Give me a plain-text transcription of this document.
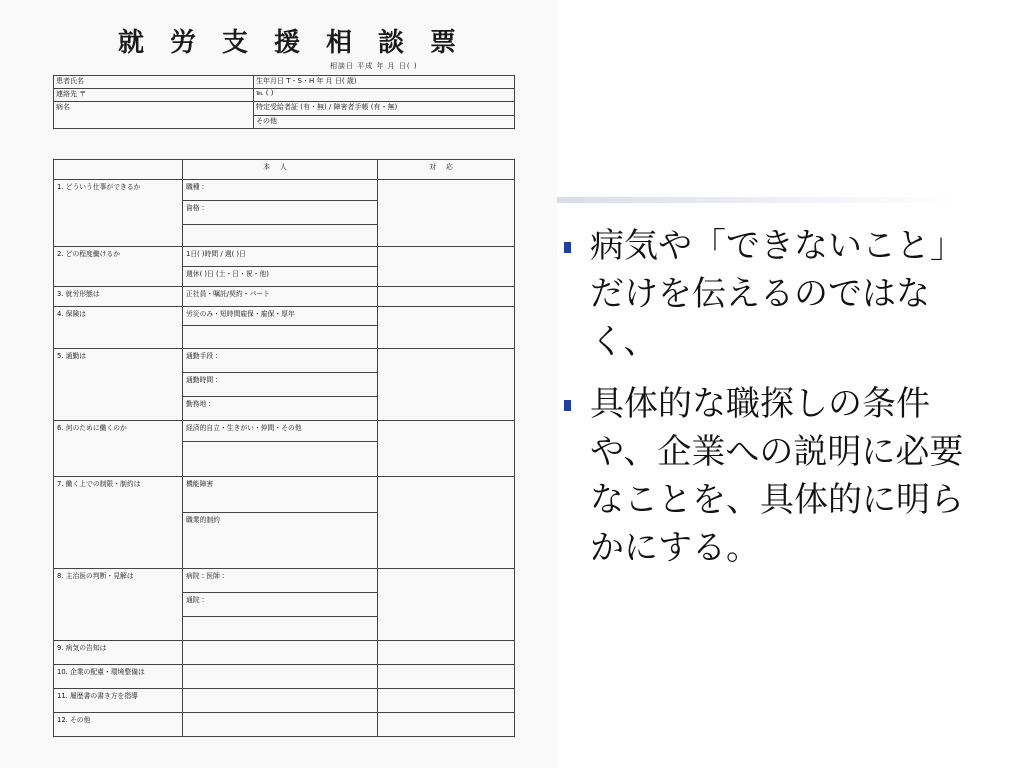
就労支援相談票
相談日 平成 年 月 日( )
患者氏名	生年月日 T・S・H 年 月 日( 歳)
連絡先 〒	℡ ( )
病名	特定受給者証 (有・無) / 障害者手帳 (有・無)
	その他
	本人	対応
1. どういう仕事ができるか	職種 :	
	資格 :	

2. どの程度働けるか	1日( )時間 / 週( )日	
	週休( )日 (土・日・祝・他)	
3. 就労形態は	正社員・嘱託/契約・パート	
4. 保険は	労災のみ・短時間雇保・雇保・厚年	

5. 通勤は	通勤手段 :	
	通勤時間 :	
	勤務地 :	
6. 何のために働くのか	経済的自立・生きがい・仲間・その他	

7. 働く上での制限・制約は	機能障害	
	職業的制約	
8. 主治医の判断・見解は	病院 : 医師 :	
	通院 :	

9. 病気の告知は		
10. 企業の配慮・環境整備は		
11. 履歴書の書き方を指導		
12. その他		
病気や「できないこと」だけを伝えるのではなく、
具体的な職探しの条件や、企業への説明に必要なことを、具体的に明らかにする。
